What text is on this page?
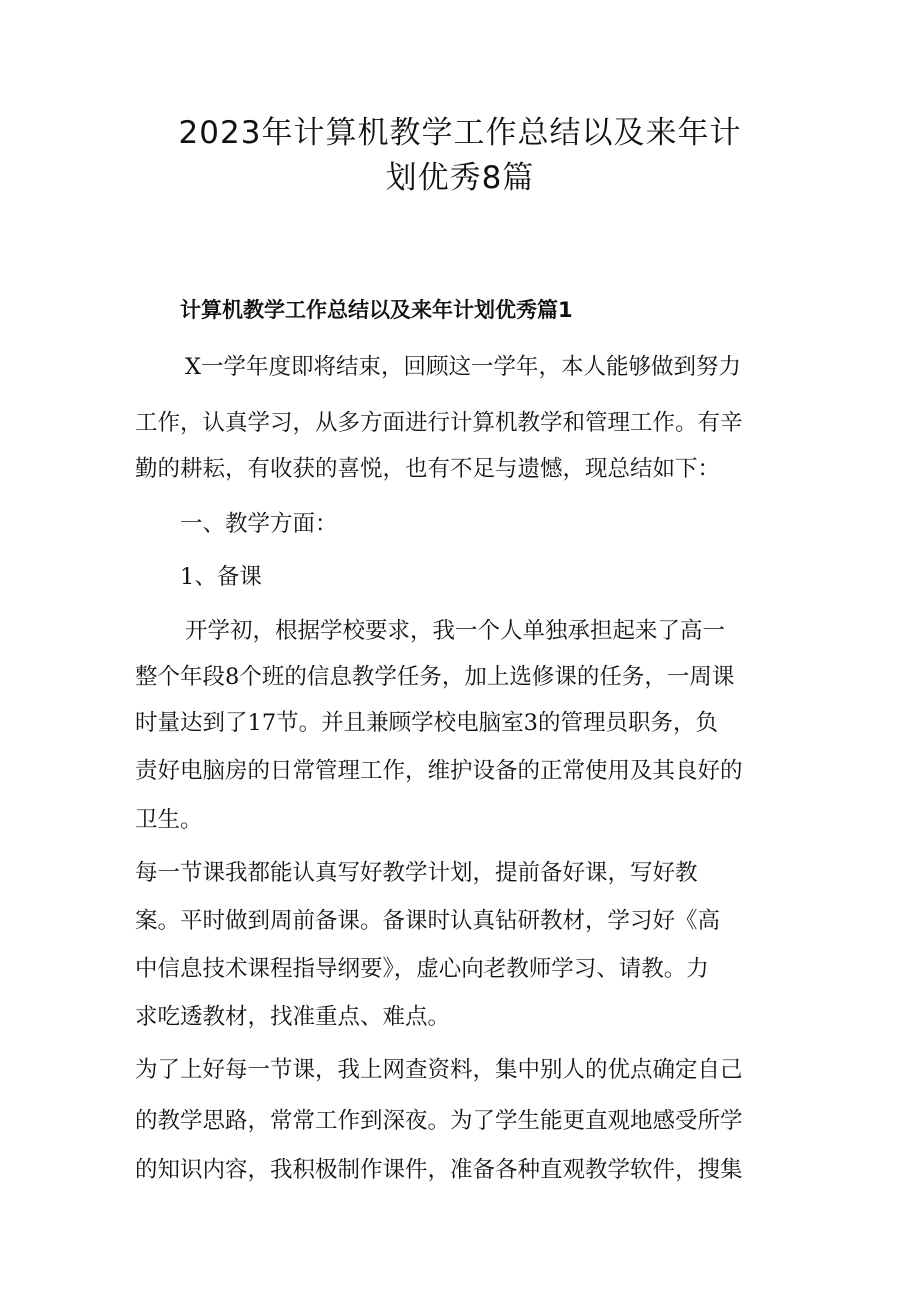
2023年计算机教学工作总结以及来年计
划优秀8篇
计算机教学工作总结以及来年计划优秀篇1

X一学年度即将结束，回顾这一学年，本人能够做到努力

工作，认真学习，从多方面进行计算机教学和管理工作。有辛

勤的耕耘，有收获的喜悦，也有不足与遗憾，现总结如下：

一、教学方面：

1、备课

开学初，根据学校要求，我一个人单独承担起来了高一

整个年段8个班的信息教学任务，加上选修课的任务，一周课

时量达到了17节。并且兼顾学校电脑室3的管理员职务，负

责好电脑房的日常管理工作，维护设备的正常使用及其良好的

卫生。

每一节课我都能认真写好教学计划，提前备好课，写好教

案。平时做到周前备课。备课时认真钻研教材，学习好《高

中信息技术课程指导纲要》，虚心向老教师学习、请教。力

求吃透教材，找准重点、难点。

为了上好每一节课，我上网查资料，集中别人的优点确定自己

的教学思路，常常工作到深夜。为了学生能更直观地感受所学

的知识内容，我积极制作课件，准备各种直观教学软件，搜集
